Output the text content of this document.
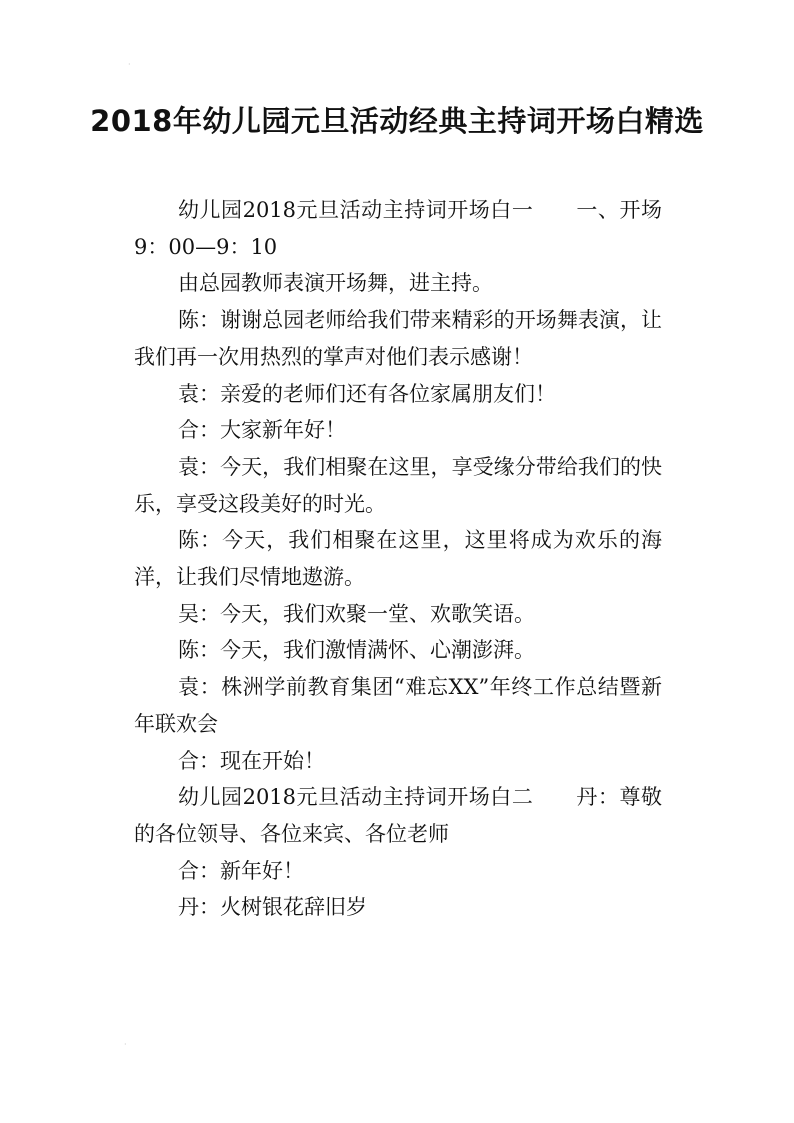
·
·
2018年幼儿园元旦活动经典主持词开场白精选

幼儿园2018元旦活动主持词开场白一　　一、开场9：00—9：10

由总园教师表演开场舞，进主持。

陈：谢谢总园老师给我们带来精彩的开场舞表演，让我们再一次用热烈的掌声对他们表示感谢！

袁：亲爱的老师们还有各位家属朋友们！

合：大家新年好！

袁：今天，我们相聚在这里，享受缘分带给我们的快乐，享受这段美好的时光。

陈：今天，我们相聚在这里，这里将成为欢乐的海洋，让我们尽情地遨游。

吴：今天，我们欢聚一堂、欢歌笑语。

陈：今天，我们激情满怀、心潮澎湃。

袁：株洲学前教育集团“难忘XX”年终工作总结暨新年联欢会

合：现在开始！

幼儿园2018元旦活动主持词开场白二　　丹：尊敬的各位领导、各位来宾、各位老师

合：新年好！

丹：火树银花辞旧岁
